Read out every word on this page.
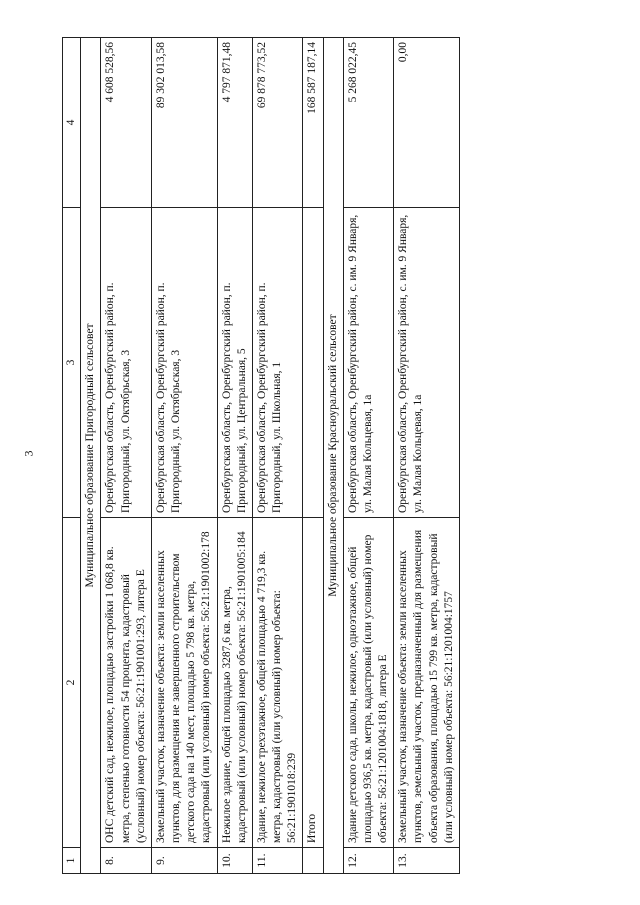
3
1	2	3	4
Муниципальное образование Пригородный сельсовет			
8.	ОНС детский сад, нежилое, площадью застройки 1 068,8 кв. метра, степенью готовности 54 процента, кадастровый (условный) номер объекта: 56:21:1901001:293, литера Е	Оренбургская область, Оренбургский район, п. Пригородный, ул. Октябрьская, 3	4 608 528,56
9.	Земельный участок, назначение объекта: земли населенных пунктов, для размещения не завершенного строительством детского сада на 140 мест, площадью 5 798 кв. метра, кадастровый (или условный) номер объекта: 56:21:1901002:178	Оренбургская область, Оренбургский район, п. Пригородный, ул. Октябрьская, 3	89 302 013,58
10.	Нежилое здание, общей площадью 3287,6 кв. метра, кадастровый (или условный) номер объекта: 56:21:1901005:184	Оренбургская область, Оренбургский район, п. Пригородный, ул. Центральная, 5	4 797 871,48
11.	Здание, нежилое трехэтажное, общей площадью 4 719,3 кв. метра, кадастровый (или условный) номер объекта: 56:21:1901018:239	Оренбургская область, Оренбургский район, п. Пригородный, ул. Школьная, 1	69 878 773,52
	Итого		168 587 187,14
Муниципальное образование Красноуральский сельсовет			
12.	Здание детского сада, школы, нежилое, одноэтажное, общей площадью 936,5 кв. метра, кадастровый (или условный) номер объекта: 56:21:1201004:1818, литера Е	Оренбургская область, Оренбургский район, с. им. 9 Января, ул. Малая Кольцевая, 1а	5 268 022,45
13.	Земельный участок, назначение объекта: земли населенных пунктов, земельный участок, предназначенный для размещения объекта образования, площадью 15 799 кв. метра, кадастровый (или условный) номер объекта: 56:21:1201004:1757	Оренбургская область, Оренбургский район, с. им. 9 Января, ул. Малая Кольцевая, 1а	0,00
